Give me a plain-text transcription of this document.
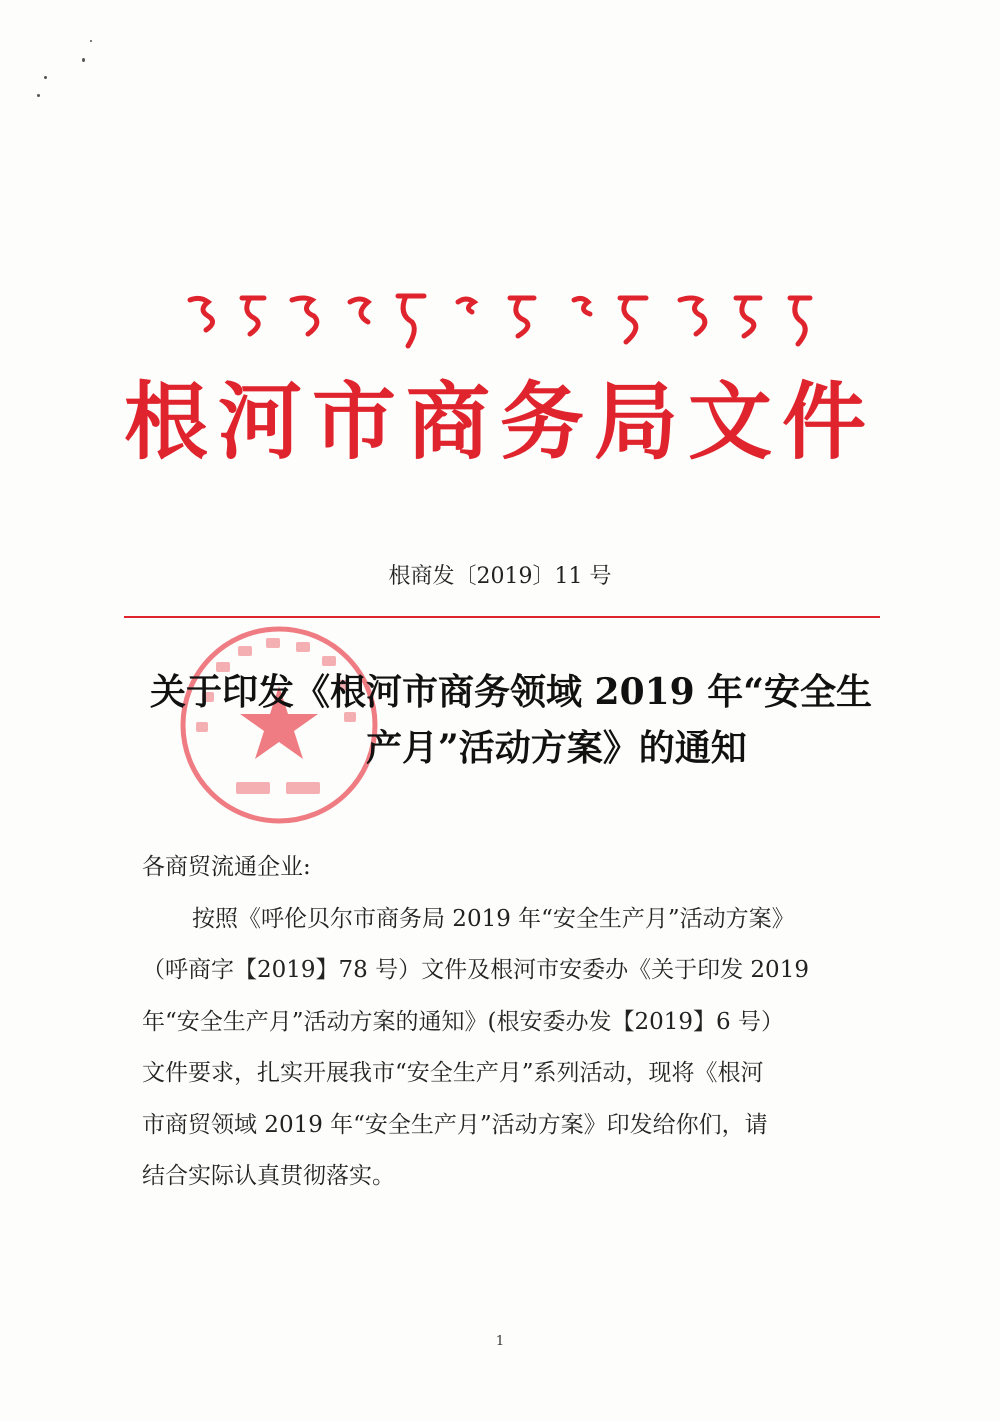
根河市商务局文件
根商发〔2019〕11 号
关于印发《根河市商务领域 2019 年“安全生
产月”活动方案》的通知
各商贸流通企业:
按照《呼伦贝尔市商务局 2019 年“安全生产月”活动方案》
（呼商字【2019】78 号）文件及根河市安委办《关于印发 2019
年“安全生产月”活动方案的通知》(根安委办发【2019】6 号）
文件要求，扎实开展我市“安全生产月”系列活动，现将《根河
市商贸领域 2019 年“安全生产月”活动方案》印发给你们，请
结合实际认真贯彻落实。
1
